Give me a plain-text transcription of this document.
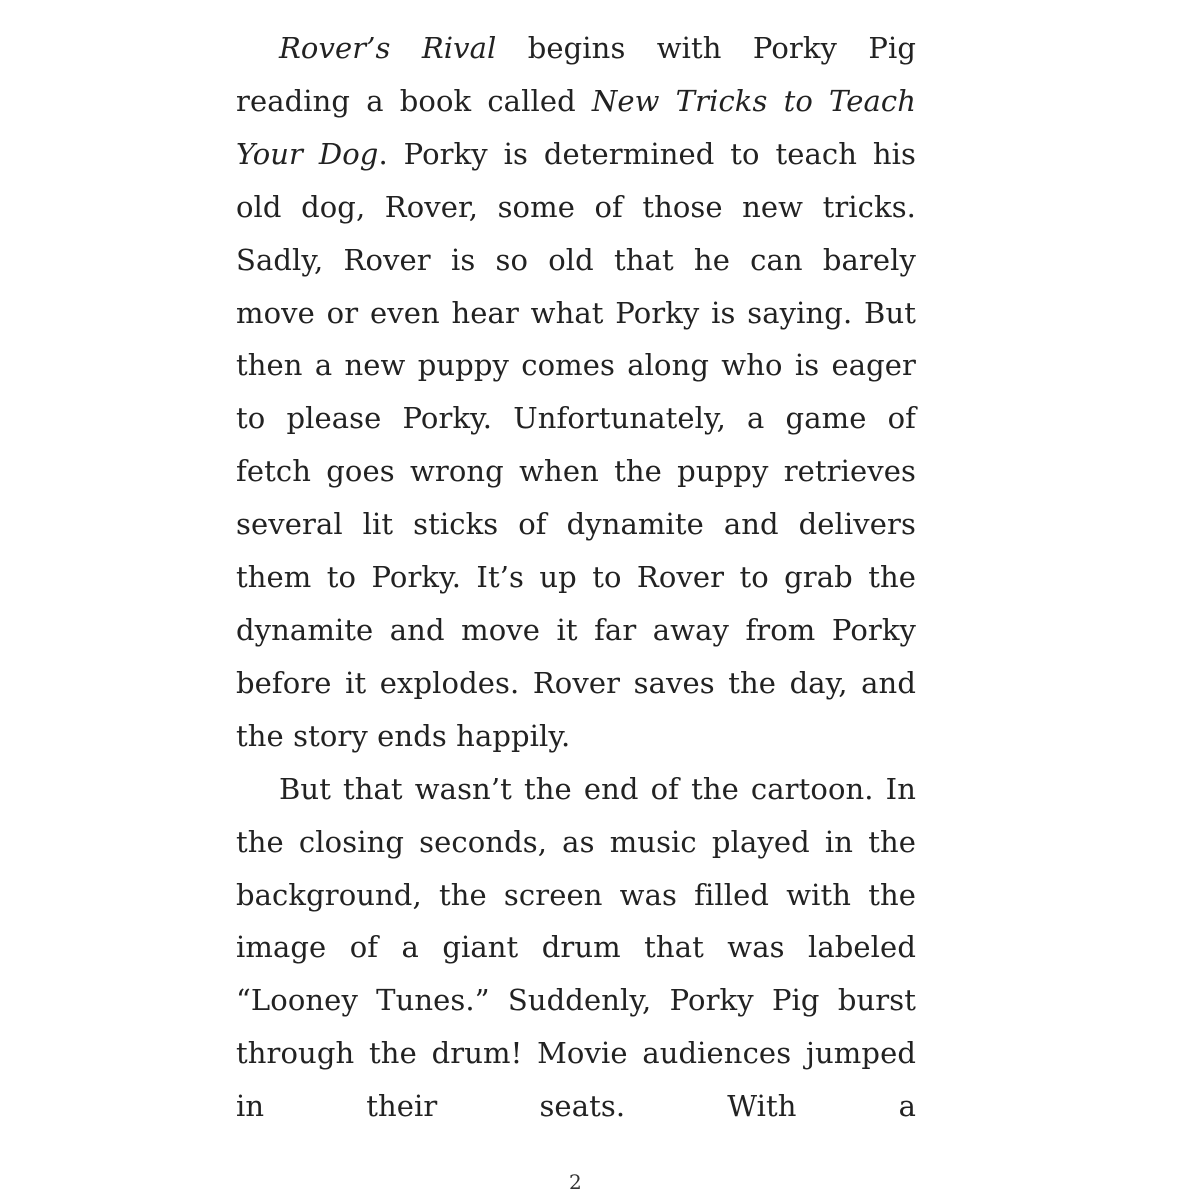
Rover’s Rival begins with Porky Pig reading a book called New Tricks to Teach Your Dog. Porky is determined to teach his old dog, Rover, some of those new tricks. Sadly, Rover is so old that he can barely move or even hear what Porky is saying. But then a new puppy comes along who is eager to please Porky. Unfortunately, a game of fetch goes wrong when the puppy retrieves several lit sticks of dynamite and delivers them to Porky. It’s up to Rover to grab the dynamite and move it far away from Porky before it explodes. Rover saves the day, and the story ends happily.

But that wasn’t the end of the cartoon. In the closing seconds, as music played in the background, the screen was filled with the image of a giant drum that was labeled “Looney Tunes.” Suddenly, Porky Pig burst through the drum! Movie audiences jumped in their seats. With a

2
